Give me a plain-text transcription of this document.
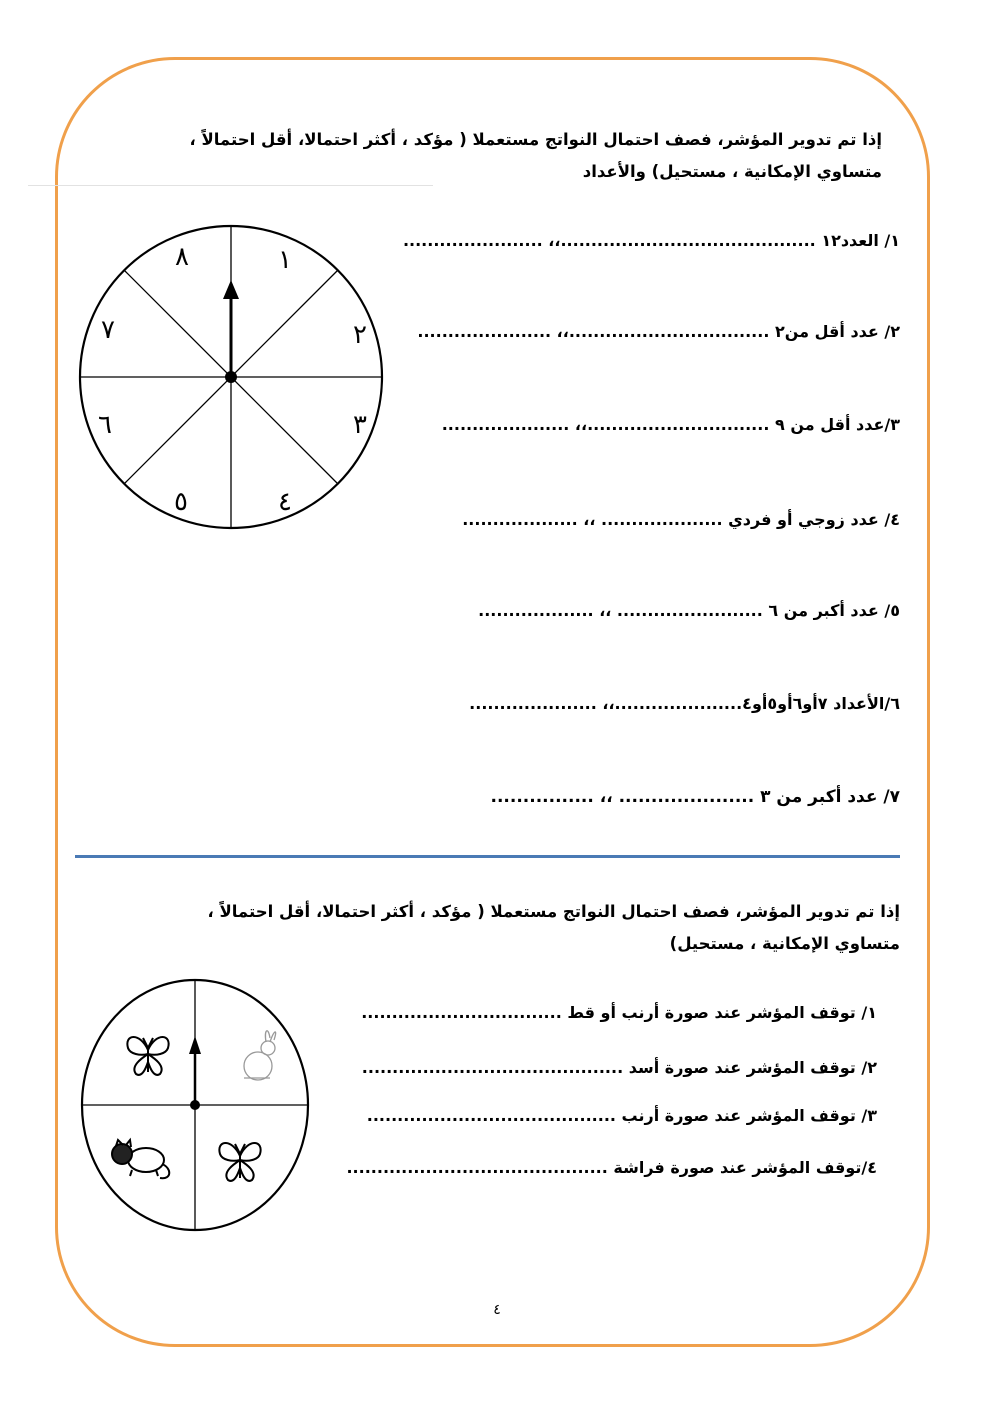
إذا تم تدوير المؤشر، فصف احتمال النواتج مستعملا ( مؤكد ، أكثر احتمالا، أقل احتمالاً ،
متساوي الإمكانية ، مستحيل) والأعداد
١/ العدد١٢ ..........................................،، .......................
٢/ عدد أقل من٢ .................................،، ......................
٣/عدد أقل من ٩ ..............................،، .....................
٤/ عدد زوجي أو فردي .................... ،، ...................
٥/ عدد أكبر من ٦ ........................ ،، ...................
٦/الأعداد ٧أو٦أو٥أو٤.....................،، .....................
٧/ عدد أكبر من ٣ ..................... ،، ................
١
٢
٣
٤
٥
٦
٧
٨
إذا تم تدوير المؤشر، فصف احتمال النواتج مستعملا ( مؤكد ، أكثر احتمالا، أقل احتمالاً ،
متساوي الإمكانية ، مستحيل)
١/ توقف المؤشر عند صورة أرنب أو قط .................................
٢/ توقف المؤشر عند صورة أسد ...........................................
٣/ توقف المؤشر عند صورة أرنب .........................................
٤/توقف المؤشر عند صورة فراشة ...........................................
٤
